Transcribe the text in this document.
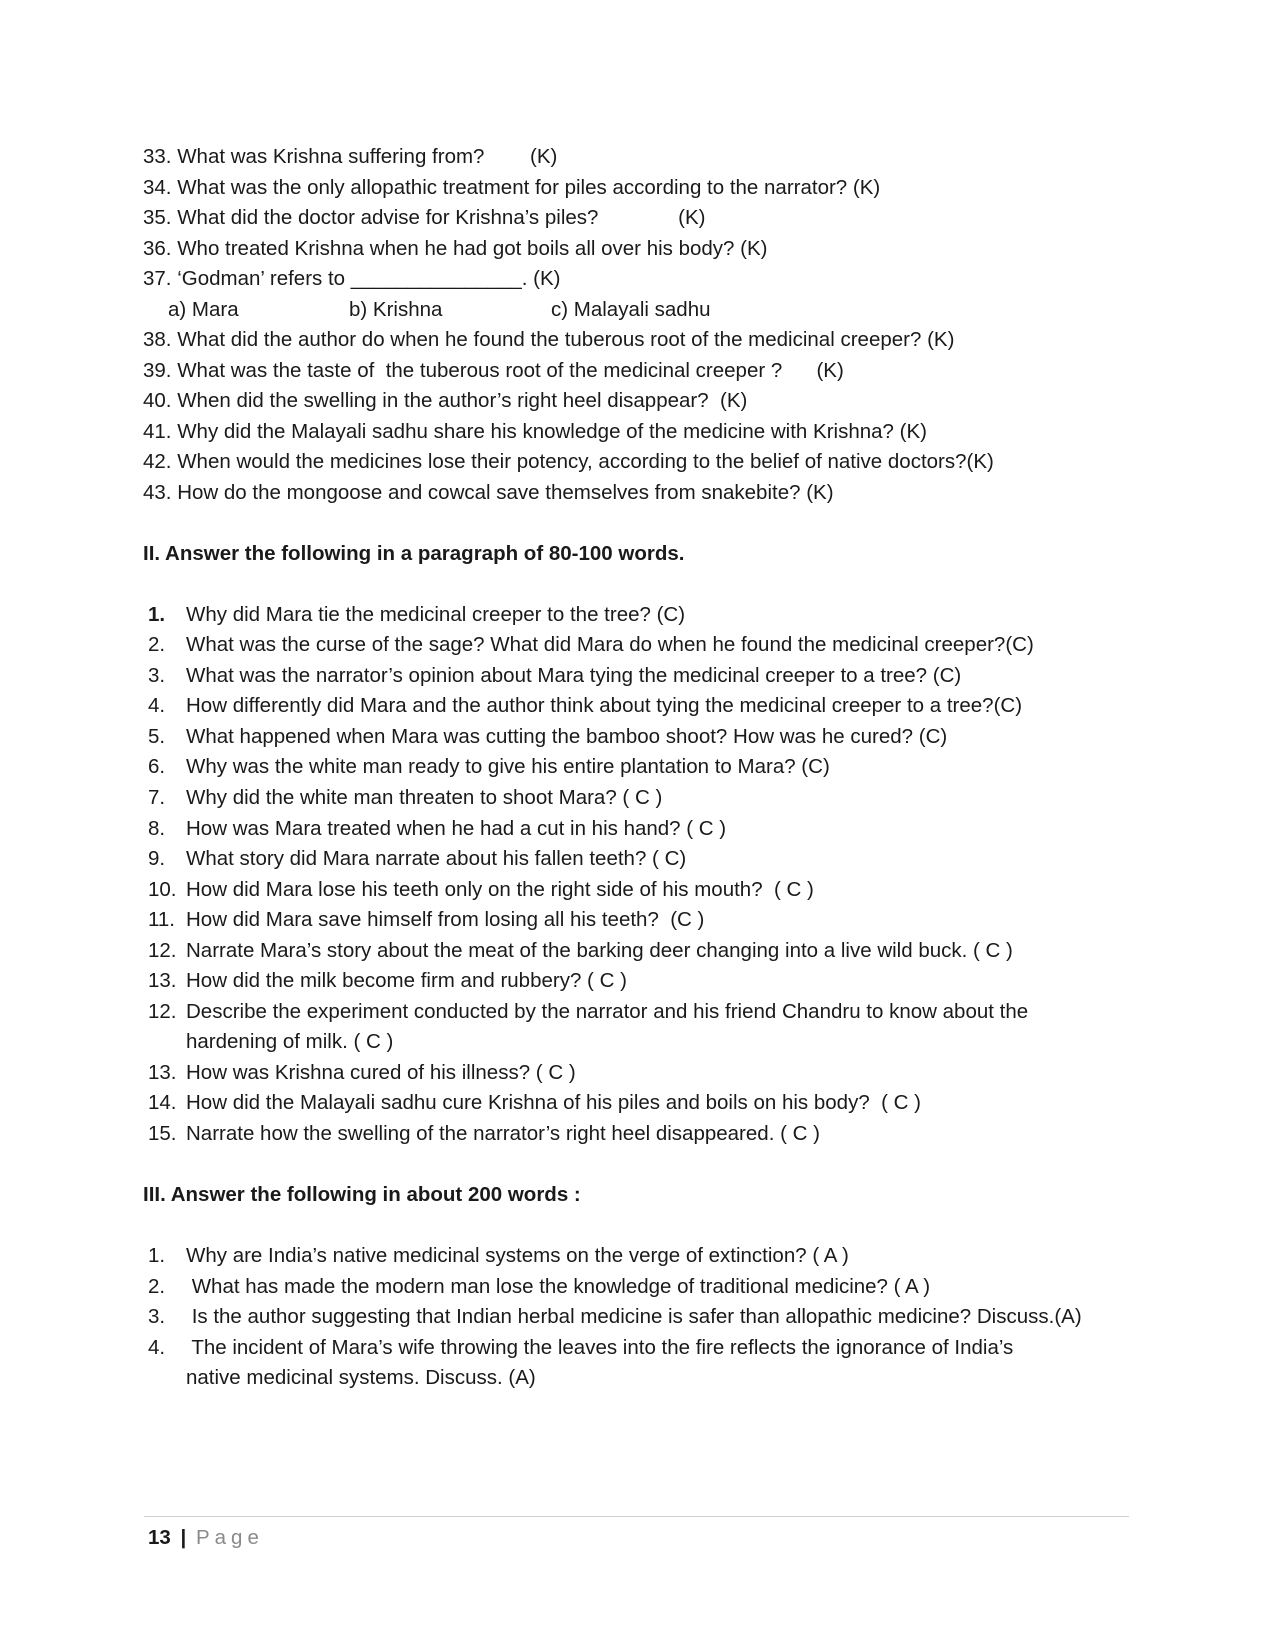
33. What was Krishna suffering from?        (K)
34. What was the only allopathic treatment for piles according to the narrator? (K)
35. What did the doctor advise for Krishna’s piles?              (K)
36. Who treated Krishna when he had got boils all over his body? (K)
37. ‘Godman’ refers to _______________. (K)
a) Mara	b) Krishna	c) Malayali sadhu
38. What did the author do when he found the tuberous root of the medicinal creeper? (K)
39. What was the taste of  the tuberous root of the medicinal creeper ?      (K)
40. When did the swelling in the author’s right heel disappear?  (K)
41. Why did the Malayali sadhu share his knowledge of the medicine with Krishna? (K)
42. When would the medicines lose their potency, according to the belief of native doctors?(K)
43. How do the mongoose and cowcal save themselves from snakebite? (K)
II. Answer the following in a paragraph of 80-100 words.
1. Why did Mara tie the medicinal creeper to the tree? (C)
2. What was the curse of the sage? What did Mara do when he found the medicinal creeper?(C)
3. What was the narrator’s opinion about Mara tying the medicinal creeper to a tree? (C)
4. How differently did Mara and the author think about tying the medicinal creeper to a tree?(C)
5. What happened when Mara was cutting the bamboo shoot? How was he cured? (C)
6. Why was the white man ready to give his entire plantation to Mara? (C)
7. Why did the white man threaten to shoot Mara? ( C )
8. How was Mara treated when he had a cut in his hand? ( C )
9. What story did Mara narrate about his fallen teeth? ( C)
10. How did Mara lose his teeth only on the right side of his mouth?  ( C )
11. How did Mara save himself from losing all his teeth?  (C )
12. Narrate Mara’s story about the meat of the barking deer changing into a live wild buck. ( C )
13. How did the milk become firm and rubbery? ( C )
12. Describe the experiment conducted by the narrator and his friend Chandru to know about the
hardening of milk. ( C )
13. How was Krishna cured of his illness? ( C )
14. How did the Malayali sadhu cure Krishna of his piles and boils on his body?  ( C )
15. Narrate how the swelling of the narrator’s right heel disappeared. ( C )
III. Answer the following in about 200 words :
1. Why are India’s native medicinal systems on the verge of extinction? ( A )
2. What has made the modern man lose the knowledge of traditional medicine? ( A )
3. Is the author suggesting that Indian herbal medicine is safer than allopathic medicine? Discuss.(A)
4. The incident of Mara’s wife throwing the leaves into the fire reflects the ignorance of India’s
native medicinal systems. Discuss. (A)
13 | Page
